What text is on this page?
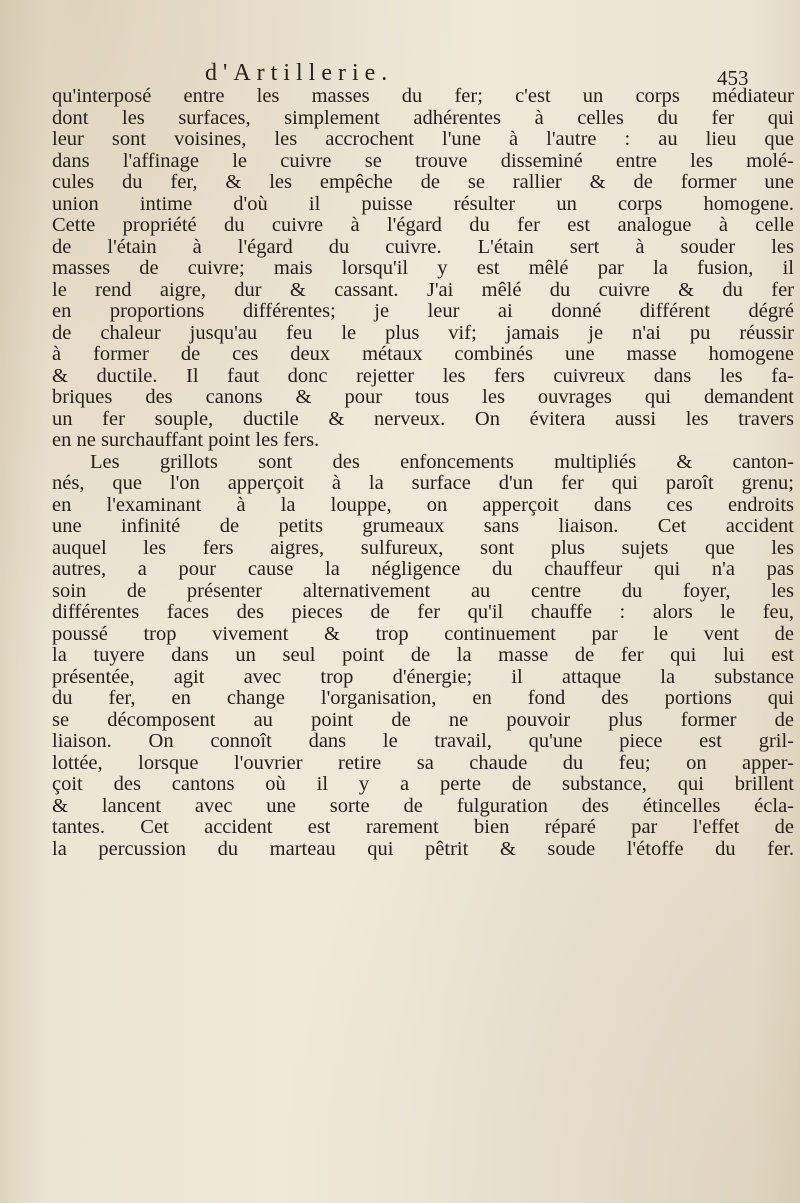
d'Artillerie.	453
qu'interposé entre les masses du fer; c'est un corps médiateur
dont les surfaces, simplement adhérentes à celles du fer qui
leur sont voisines, les accrochent l'une à l'autre : au lieu que
dans l'affinage le cuivre se trouve disseminé entre les molé-
cules du fer, & les empêche de se rallier & de former une
union intime d'où il puisse résulter un corps homogene.
Cette propriété du cuivre à l'égard du fer est analogue à celle
de l'étain à l'égard du cuivre. L'étain sert à souder les
masses de cuivre; mais lorsqu'il y est mêlé par la fusion, il
le rend aigre, dur & cassant. J'ai mêlé du cuivre & du fer
en proportions différentes; je leur ai donné différent dégré
de chaleur jusqu'au feu le plus vif; jamais je n'ai pu réussir
à former de ces deux métaux combinés une masse homogene
& ductile. Il faut donc rejetter les fers cuivreux dans les fa-
briques des canons & pour tous les ouvrages qui demandent
un fer souple, ductile & nerveux. On évitera aussi les travers
en ne surchauffant point les fers.
Les grillots sont des enfoncements multipliés & canton-
nés, que l'on apperçoit à la surface d'un fer qui paroît grenu;
en l'examinant à la louppe, on apperçoit dans ces endroits
une infinité de petits grumeaux sans liaison. Cet accident
auquel les fers aigres, sulfureux, sont plus sujets que les
autres, a pour cause la négligence du chauffeur qui n'a pas
soin de présenter alternativement au centre du foyer, les
différentes faces des pieces de fer qu'il chauffe : alors le feu,
poussé trop vivement & trop continuement par le vent de
la tuyere dans un seul point de la masse de fer qui lui est
présentée, agit avec trop d'énergie; il attaque la substance
du fer, en change l'organisation, en fond des portions qui
se décomposent au point de ne pouvoir plus former de
liaison. On connoît dans le travail, qu'une piece est gril-
lottée, lorsque l'ouvrier retire sa chaude du feu; on apper-
çoit des cantons où il y a perte de substance, qui brillent
& lancent avec une sorte de fulguration des étincelles écla-
tantes. Cet accident est rarement bien réparé par l'effet de
la percussion du marteau qui pêtrit & soude l'étoffe du fer.
